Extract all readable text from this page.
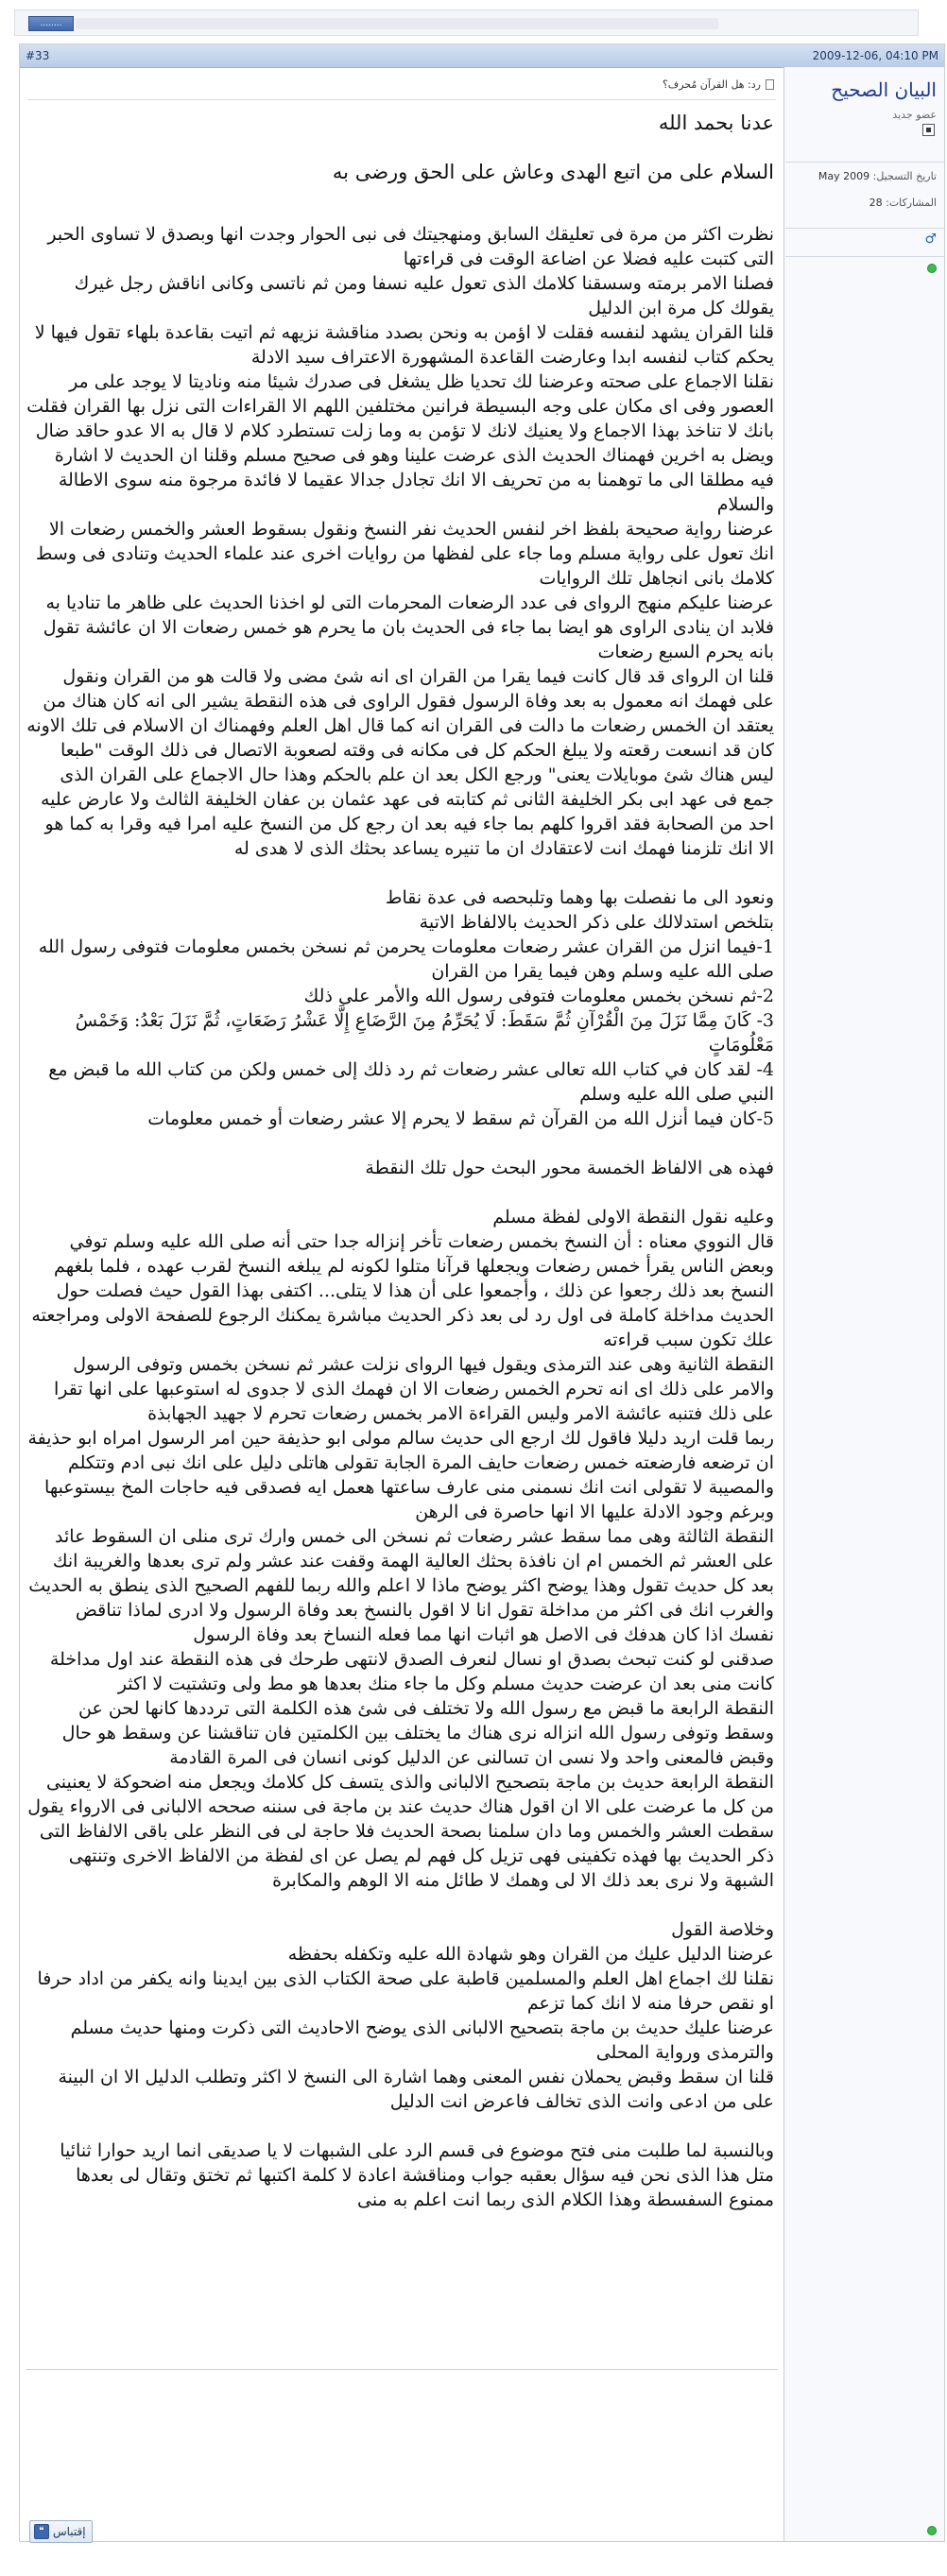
........
#33	2009-12-06, 04:10 PM
البيان الصحيح
عضو جديد
تاريخ التسجيل: May 2009
المشاركات: 28
♂
رد: هل القرآن مُحرف؟

عدنا بحمد الله

السلام على من اتبع الهدى وعاش على الحق ورضى به

نظرت اكثر من مرة فى تعليقك السابق ومنهجيتك فى نبى الحوار وجدت انها وبصدق لا تساوى الحبر التى كتبت عليه فضلا عن اضاعة الوقت فى قراءتها

فصلنا الامر برمته وسسقنا كلامك الذى تعول عليه نسفا ومن ثم ناتسى وكانى اناقش رجل غيرك يقولك كل مرة ابن الدليل

قلنا القران يشهد لنفسه فقلت لا اؤمن به ونحن بصدد مناقشة نزيهه ثم اتيت بقاعدة بلهاء تقول فيها لا يحكم كتاب لنفسه ابدا وعارضت القاعدة المشهورة الاعتراف سيد الادلة

نقلنا الاجماع على صحته وعرضنا لك تحديا ظل يشغل فى صدرك شيئا منه وناديتا لا يوجد على مر العصور وفى اى مكان على وجه البسيطة فرانين مختلفين اللهم الا القراءات التى نزل بها القران فقلت بانك لا تناخذ بهذا الاجماع ولا يعنيك لانك لا تؤمن به وما زلت تستطرد كلام لا قال به الا عدو حاقد ضال ويضل به اخرين فهمناك الحديث الذى عرضت علينا وهو فى صحيح مسلم وقلنا ان الحديث لا اشارة فيه مطلقا الى ما توهمنا به من تحريف الا انك تجادل جدالا عقيما لا فائدة مرجوة منه سوى الاطالة والسلام

عرضنا رواية صحيحة بلفظ اخر لنفس الحديث نفر النسخ ونقول بسقوط العشر والخمس رضعات الا انك تعول على رواية مسلم وما جاء على لفظها من روايات اخرى عند علماء الحديث وتنادى فى وسط كلامك بانى انجاهل تلك الروايات

عرضنا عليكم منهج الرواى فى عدد الرضعات المحرمات التى لو اخذنا الحديث على ظاهر ما تناديا به فلابد ان ينادى الراوى هو ايضا بما جاء فى الحديث بان ما يحرم هو خمس رضعات الا ان عائشة تقول بانه يحرم السبع رضعات

قلنا ان الرواى قد قال كانت فيما يقرا من القران اى انه شئ مضى ولا قالت هو من القران ونقول على فهمك انه معمول به بعد وفاة الرسول فقول الراوى فى هذه النقطة يشير الى انه كان هناك من يعتقد ان الخمس رضعات ما دالت فى القران انه كما قال اهل العلم وفهمناك ان الاسلام فى تلك الاونه كان قد انسعت رقعته ولا يبلغ الحكم كل فى مكانه فى وقته لصعوبة الاتصال فى ذلك الوقت "طبعا ليس هناك شئ موبايلات يعنى" ورجع الكل بعد ان علم بالحكم وهذا حال الاجماع على القران الذى جمع فى عهد ابى بكر الخليفة الثانى ثم كتابته فى عهد عثمان بن عفان الخليفة الثالث ولا عارض عليه احد من الصحابة فقد اقروا كلهم بما جاء فيه بعد ان رجع كل من النسخ عليه امرا فيه وقرا به كما هو الا انك تلزمنا فهمك انت لاعتقادك ان ما تنيره يساعد بحثك الذى لا هدى له

ونعود الى ما نفصلت بها وهما وتلبحصه فى عدة نقاط

بتلخص استدلالك على ذكر الحديث بالالفاظ الاتية

1-فيما انزل من القران عشر رضعات معلومات يحرمن ثم نسخن بخمس معلومات فتوفى رسول الله صلى الله عليه وسلم وهن فيما يقرا من القران

2-ثم نسخن بخمس معلومات فتوفى رسول الله والأمر على ذلك

3- كَانَ مِمَّا نَزَلَ مِنَ الْقُرْآنِ ثُمَّ سَقَطَ: لَا يُحَرِّمُ مِنَ الرَّضَاعِ إِلَّا عَشْرُ رَضَعَاتٍ، ثُمَّ نَزَلَ بَعْدُ: وَخَمْسُ مَعْلُومَاتٍ

4- لقد كان في كتاب الله تعالى عشر رضعات ثم رد ذلك إلى خمس ولكن من كتاب الله ما قبض مع النبي صلى الله عليه وسلم

5-كان فيما أنزل الله من القرآن ثم سقط لا يحرم إلا عشر رضعات أو خمس معلومات

فهذه هى الالفاظ الخمسة محور البحث حول تلك النقطة

وعليه نقول النقطة الاولى لفظة مسلم

قال النووي معناه : أن النسخ بخمس رضعات تأخر إنزاله جدا حتى أنه صلى الله عليه وسلم توفي وبعض الناس يقرأ خمس رضعات ويجعلها قرآنا متلوا لكونه لم يبلغه النسخ لقرب عهده ، فلما بلغهم النسخ بعد ذلك رجعوا عن ذلك ، وأجمعوا على أن هذا لا يتلى... اكتفى بهذا القول حيث فصلت حول الحديث مداخلة كاملة فى اول رد لى بعد ذكر الحديث مباشرة يمكنك الرجوع للصفحة الاولى ومراجعته علك تكون سبب قراءته

النقطة الثانية وهى عند الترمذى ويقول فيها الرواى نزلت عشر ثم نسخن بخمس وتوفى الرسول والامر على ذلك اى انه تحرم الخمس رضعات الا ان فهمك الذى لا جدوى له استوعبها على انها تقرا على ذلك فتنبه عائشة الامر وليس القراءة الامر بخمس رضعات تحرم لا جهيد الجهابذة

ربما قلت اريد دليلا فاقول لك ارجع الى حديث سالم مولى ابو حذيفة حين امر الرسول امراه ابو حذيفة ان ترضعه فارضعته خمس رضعات حايف المرة الجابة تقولى هاتلى دليل على انك نبى ادم وتتكلم والمصيبة لا تقولى انت انك نسمنى منى عارف ساعتها هعمل ايه فصدقى فيه حاجات المخ بيستوعبها وبرغم وجود الادلة عليها الا انها حاصرة فى الرهن

النقطة الثالثة وهى مما سقط عشر رضعات ثم نسخن الى خمس وارك ترى منلى ان السقوط عائد على العشر ثم الخمس ام ان نافذة بحثك العالية الهمة وقفت عند عشر ولم ترى بعدها والغريبة انك بعد كل حديث تقول وهذا يوضح اكثر يوضح ماذا لا اعلم والله ربما للفهم الصحيح الذى ينطق به الحديث والغرب انك فى اكثر من مداخلة تقول انا لا اقول بالنسخ بعد وفاة الرسول ولا ادرى لماذا تناقض نفسك اذا كان هدفك فى الاصل هو اثبات انها مما فعله النساخ بعد وفاة الرسول

صدقنى لو كنت تبحث بصدق او نسال لنعرف الصدق لانتهى طرحك فى هذه النقطة عند اول مداخلة كانت منى بعد ان عرضت حديث مسلم وكل ما جاء منك بعدها هو مط ولى وتشتيت لا اكثر

النقطة الرابعة ما قبض مع رسول الله ولا تختلف فى شئ هذه الكلمة التى ترددها كانها لحن عن وسقط وتوفى رسول الله انزاله نرى هناك ما يختلف بين الكلمتين فان تناقشنا عن وسقط هو حال وقبض فالمعنى واحد ولا نسى ان تسالنى عن الدليل كونى انسان فى المرة القادمة

النقطة الرابعة حديث بن ماجة بتصحيح الالبانى والذى يتسف كل كلامك ويجعل منه اضحوكة لا يعنينى من كل ما عرضت على الا ان اقول هناك حديث عند بن ماجة فى سننه صححه الالبانى فى الارواء يقول سقطت العشر والخمس وما دان سلمنا بصحة الحديث فلا حاجة لى فى النظر على باقى الالفاظ التى ذكر الحديث بها فهذه تكفينى فهى تزيل كل فهم لم يصل عن اى لفظة من الالفاظ الاخرى وتنتهى الشبهة ولا نرى بعد ذلك الا لى وهمك لا طائل منه الا الوهم والمكابرة

وخلاصة القول

عرضنا الدليل عليك من القران وهو شهادة الله عليه وتكفله بحفظه

نقلنا لك اجماع اهل العلم والمسلمين قاطبة على صحة الكتاب الذى بين ايدينا وانه يكفر من اداد حرفا او نقص حرفا منه لا انك كما تزعم

عرضنا عليك حديث بن ماجة بتصحيح الالبانى الذى يوضح الاحاديث التى ذكرت ومنها حديث مسلم والترمذى ورواية المحلى

قلنا ان سقط وقبض يحملان نفس المعنى وهما اشارة الى النسخ لا اكثر وتطلب الدليل الا ان البينة على من ادعى وانت الذى تخالف فاعرض انت الدليل

وبالنسبة لما طلبت منى فتح موضوع فى قسم الرد على الشبهات لا يا صديقى انما اريد حوارا ثنائيا متل هذا الذى نحن فيه سؤال بعقبه جواب ومناقشة اعادة لا كلمة اكتبها ثم تختق وتقال لى بعدها ممنوع السفسطة وهذا الكلام الذى ربما انت اعلم به منى

❝ إقتباس
